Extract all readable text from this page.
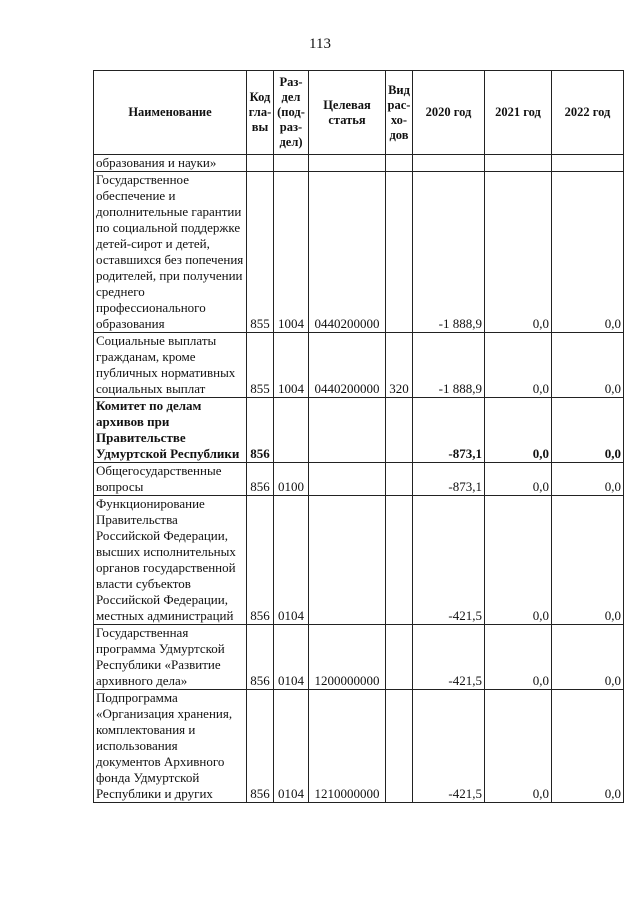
113
Наименование	Код гла- вы	Раз- дел (под- раз- дел)	Целевая статья	Вид рас- хо- дов	2020 год	2021 год	2022 год
образования и науки»							
Государственное обеспечение и дополнительные гарантии по социальной поддержке детей-сирот и детей, оставшихся без попечения родителей, при получении среднего профессионального образования	855	1004	0440200000		-1 888,9	0,0	0,0
Социальные выплаты гражданам, кроме публичных нормативных социальных выплат	855	1004	0440200000	320	-1 888,9	0,0	0,0
Комитет по делам архивов при Правительстве Удмуртской Республики	856				-873,1	0,0	0,0
Общегосударственные вопросы	856	0100			-873,1	0,0	0,0
Функционирование Правительства Российской Федерации, высших исполнительных органов государственной власти субъектов Российской Федерации, местных администраций	856	0104			-421,5	0,0	0,0
Государственная программа Удмуртской Республики «Развитие архивного дела»	856	0104	1200000000		-421,5	0,0	0,0
Подпрограмма «Организация хранения, комплектования и использования документов Архивного фонда Удмуртской Республики и других	856	0104	1210000000		-421,5	0,0	0,0
